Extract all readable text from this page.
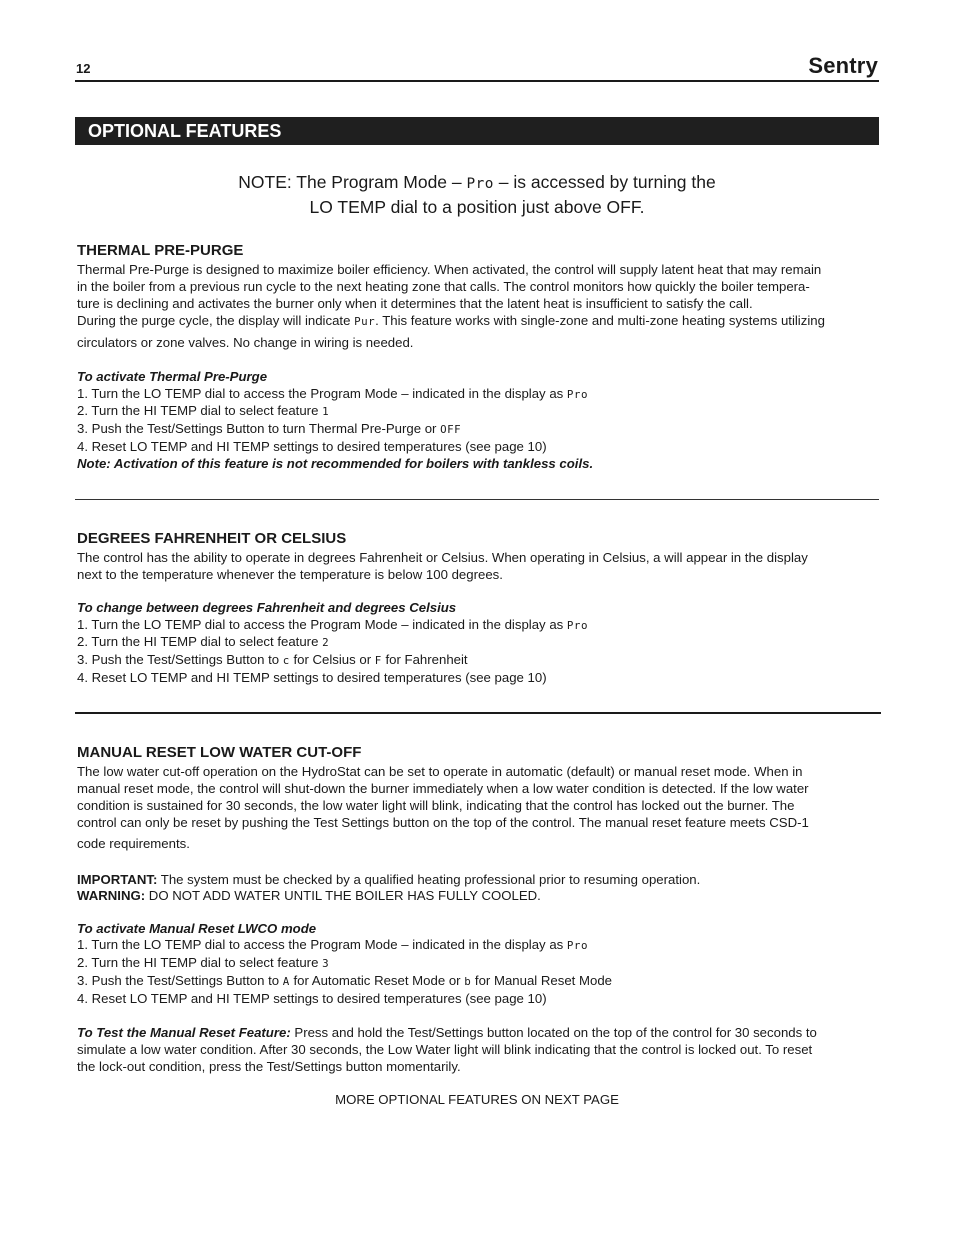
12	Sentry
OPTIONAL FEATURES
NOTE: The Program Mode – Pro – is accessed by turning the
LO TEMP dial to a position just above OFF.
THERMAL PRE-PURGE
Thermal Pre-Purge is designed to maximize boiler efficiency. When activated, the control will supply latent heat that may remain
in the boiler from a previous run cycle to the next heating zone that calls. The control monitors how quickly the boiler tempera-
ture is declining and activates the burner only when it determines that the latent heat is insufficient to satisfy the call.
During the purge cycle, the display will indicate Pur. This feature works with single-zone and multi-zone heating systems utilizing
circulators or zone valves. No change in wiring is needed.
To activate Thermal Pre-Purge
1. Turn the LO TEMP dial to access the Program Mode – indicated in the display as Pro
2. Turn the HI TEMP dial to select feature 1
3. Push the Test/Settings Button to turn Thermal Pre-Purge or OFF
4. Reset LO TEMP and HI TEMP settings to desired temperatures (see page 10)
Note: Activation of this feature is not recommended for boilers with tankless coils.
DEGREES FAHRENHEIT OR CELSIUS
The control has the ability to operate in degrees Fahrenheit or Celsius. When operating in Celsius, a will appear in the display
next to the temperature whenever the temperature is below 100 degrees.
To change between degrees Fahrenheit and degrees Celsius
1. Turn the LO TEMP dial to access the Program Mode – indicated in the display as Pro
2. Turn the HI TEMP dial to select feature 2
3. Push the Test/Settings Button to c for Celsius or F for Fahrenheit
4. Reset LO TEMP and HI TEMP settings to desired temperatures (see page 10)
MANUAL RESET LOW WATER CUT-OFF
The low water cut-off operation on the HydroStat can be set to operate in automatic (default) or manual reset mode. When in
manual reset mode, the control will shut-down the burner immediately when a low water condition is detected. If the low water
condition is sustained for 30 seconds, the low water light will blink, indicating that the control has locked out the burner. The
control can only be reset by pushing the Test Settings button on the top of the control. The manual reset feature meets CSD-1
code requirements.
IMPORTANT: The system must be checked by a qualified heating professional prior to resuming operation.
WARNING: DO NOT ADD WATER UNTIL THE BOILER HAS FULLY COOLED.
To activate Manual Reset LWCO mode
1. Turn the LO TEMP dial to access the Program Mode – indicated in the display as Pro
2. Turn the HI TEMP dial to select feature 3
3. Push the Test/Settings Button to A for Automatic Reset Mode or b for Manual Reset Mode
4. Reset LO TEMP and HI TEMP settings to desired temperatures (see page 10)
To Test the Manual Reset Feature: Press and hold the Test/Settings button located on the top of the control for 30 seconds to
simulate a low water condition. After 30 seconds, the Low Water light will blink indicating that the control is locked out. To reset
the lock-out condition, press the Test/Settings button momentarily.
MORE OPTIONAL FEATURES ON NEXT PAGE
